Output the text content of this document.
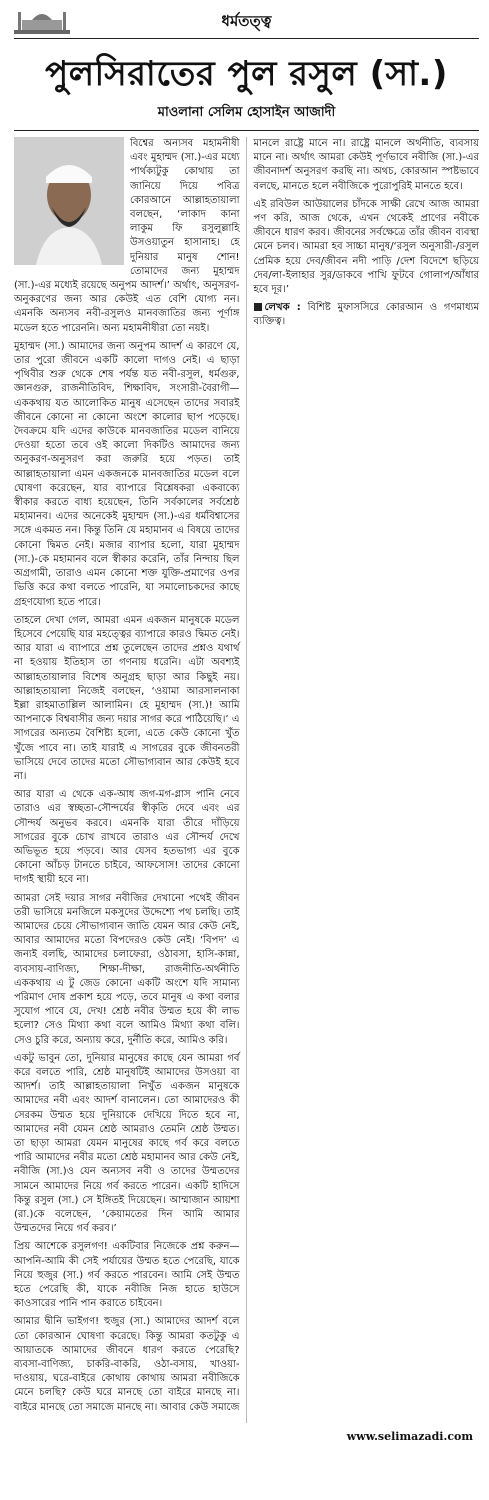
ধর্মতত্ত্ব
পুলসিরাতের পুল রসুল (সা.)
মাওলানা সেলিম হোসাইন আজাদী

বিশ্বের অন্যসব মহামনীষী এবং মুহাম্মদ (সা.)-এর মধ্যে পার্থক্যটুকু কোথায় তা জানিয়ে দিয়ে পবিত্র কোরআনে আল্লাহতায়ালা বলছেন, ‘লাকাদ কানা লাকুম ফি রসুলুল্লাহি উসওয়াতুন হাসানাহ। হে দুনিয়ার মানুষ শোন! তোমাদের জন্য মুহাম্মদ (সা.)-এর মধ্যেই রয়েছে অনুপম আদর্শ।’ অর্থাৎ, অনুসরণ-অনুকরণের জন্য আর কেউই এত বেশি যোগ্য নন। এমনকি অন্যসব নবী-রসুলও মানবজাতির জন্য পূর্ণাঙ্গ মডেল হতে পারেননি। অন্য মহামনীষীরা তো নয়ই।

মুহাম্মদ (সা.) আমাদের জন্য অনুপম আদর্শ এ কারণে যে, তার পুরো জীবনে একটি কালো দাগও নেই। এ ছাড়া পৃথিবীর শুরু থেকে শেষ পর্যন্ত যত নবী-রসুল, ধর্মগুরু, জ্ঞানগুরু, রাজনীতিবিদ, শিক্ষাবিদ, সংসারী-বৈরাগী— এককথায় যত আলোকিত মানুষ এসেছেন তাদের সবারই জীবনে কোনো না কোনো অংশে কালোর ছাপ পড়েছে। দৈবক্রমে যদি এদের কাউকে মানবজাতির মডেল বানিয়ে দেওয়া হতো তবে ওই কালো দিকটিও আমাদের জন্য অনুকরণ-অনুসরণ করা জরুরি হয়ে পড়ত। তাই আল্লাহতায়ালা এমন একজনকে মানবজাতির মডেল বলে ঘোষণা করেছেন, যার ব্যাপারে বিশ্লেষকরা একবাক্যে স্বীকার করতে বাধ্য হয়েছেন, তিনি সর্বকালের সর্বশ্রেষ্ঠ মহামানব। এদের অনেকেই মুহাম্মদ (সা.)-এর ধর্মবিশ্বাসের সঙ্গে একমত নন। কিন্তু তিনি যে মহামানব এ বিষয়ে তাদের কোনো দ্বিমত নেই। মজার ব্যাপার হলো, যারা মুহাম্মদ (সা.)-কে মহামানব বলে স্বীকার করেনি, তাঁর নিন্দায় ছিল অগ্রগামী, তারাও এমন কোনো শক্ত যুক্তি-প্রমাণের ওপর ভিত্তি করে কথা বলতে পারেনি, যা সমালোচকদের কাছে গ্রহণযোগ্য হতে পারে।

তাহলে দেখা গেল, আমরা এমন একজন মানুষকে মডেল হিসেবে পেয়েছি যার মহত্ত্বের ব্যাপারে কারও দ্বিমত নেই। আর যারা এ ব্যাপারে প্রশ্ন তুলেছেন তাদের প্রশ্নও যথার্থ না হওয়ায় ইতিহাস তা গণনায় ধরেনি। এটা অবশ্যই আল্লাহতায়ালার বিশেষ অনুগ্রহ ছাড়া আর কিছুই নয়। আল্লাহতায়ালা নিজেই বলছেন, ‘ওয়ামা আরসালনাকা ইল্লা রাহমাতাল্লিল আলামিন। হে মুহাম্মদ (সা.)! আমি আপনাকে বিশ্ববাসীর জন্য দয়ার সাগর করে পাঠিয়েছি।’ এ সাগরের অন্যতম বৈশিষ্ট্য হলো, এতে কেউ কোনো খুঁত খুঁজে পাবে না। তাই যারাই এ সাগরের বুকে জীবনতরী ভাসিয়ে দেবে তাদের মতো সৌভাগ্যবান আর কেউই হবে না।

আর যারা এ থেকে এক-আধ জগ-মগ-গ্লাস পানি নেবে তারাও এর স্বচ্ছতা-সৌন্দর্যের স্বীকৃতি দেবে এবং এর সৌন্দর্য অনুভব করবে। এমনকি যারা তীরে দাঁড়িয়ে সাগরের বুকে চোখ রাখবে তারাও এর সৌন্দর্য দেখে অভিভূত হয়ে পড়বে। আর যেসব হতভাগ্য এর বুকে কোনো আঁচড় টানতে চাইবে, আফসোস! তাদের কোনো দাগই স্থায়ী হবে না।

আমরা সেই দয়ার সাগর নবীজির দেখানো পথেই জীবন তরী ভাসিয়ে মনজিলে মকসুদের উদ্দেশ্যে পথ চলছি। তাই আমাদের চেয়ে সৌভাগ্যবান জাতি যেমন আর কেউ নেই, আবার আমাদের মতো বিপদেরও কেউ নেই। ‘বিপদ’ এ জন্যই বলছি, আমাদের চলাফেরা, ওঠাবসা, হাসি-কান্না, ব্যবসায়-বাণিজ্য, শিক্ষা-দীক্ষা, রাজনীতি-অর্থনীতি এককথায় এ টু জেড কোনো একটি অংশে যদি সামান্য পরিমাণ দোষ প্রকাশ হয়ে পড়ে, তবে মানুষ এ কথা বলার সুযোগ পাবে যে, দেখ! শ্রেষ্ঠ নবীর উম্মত হয়ে কী লাভ হলো? সেও মিথ্যা কথা বলে আমিও মিথ্যা কথা বলি। সেও চুরি করে, অন্যায় করে, দুর্নীতি করে, আমিও করি।

একটু ভাবুন তো, দুনিয়ার মানুষের কাছে যেন আমরা গর্ব করে বলতে পারি, শ্রেষ্ঠ মানুষটিই আমাদের উসওয়া বা আদর্শ। তাই আল্লাহতায়ালা নিখুঁত একজন মানুষকে আমাদের নবী এবং আদর্শ বানালেন। তো আমাদেরও কী সেরকম উম্মত হয়ে দুনিয়াকে দেখিয়ে দিতে হবে না, আমাদের নবী যেমন শ্রেষ্ঠ আমরাও তেমনি শ্রেষ্ঠ উম্মত। তা ছাড়া আমরা যেমন মানুষের কাছে গর্ব করে বলতে পারি আমাদের নবীর মতো শ্রেষ্ঠ মহামানব আর কেউ নেই, নবীজি (সা.)ও যেন অন্যসব নবী ও তাদের উম্মতদের সামনে আমাদের নিয়ে গর্ব করতে পারেন। একটি হাদিসে কিন্তু রসুল (সা.) সে ইঙ্গিতই দিয়েছেন। আম্মাজান আয়শা (রা.)কে বলেছেন, ‘কেয়ামতের দিন আমি আমার উম্মতদের নিয়ে গর্ব করব।’

প্রিয় আশেকে রসুলগণ! একটিবার নিজেকে প্রশ্ন করুন— আপনি-আমি কী সেই পর্যায়ের উম্মত হতে পেরেছি, যাকে নিয়ে হুজুর (সা.) গর্ব করতে পারবেন। আমি সেই উম্মত হতে পেরেছি কী, যাকে নবীজি নিজ হাতে হাউসে কাওসারের পানি পান করাতে চাইবেন।

আমার দ্বীনি ভাইগণ! হুজুর (সা.) আমাদের আদর্শ বলে তো কোরআন ঘোষণা করেছে। কিন্তু আমরা কতটুকু এ আয়াতকে আমাদের জীবনে ধারণ করতে পেরেছি? ব্যবসা-বাণিজ্য, চাকরি-বাকরি, ওঠা-বসায়, খাওয়া-দাওয়ায়, ঘরে-বাইরে কোথায় কোথায় আমরা নবীজিকে মেনে চলছি? কেউ ঘরে মানছে তো বাইরে মানছে না। বাইরে মানছে তো সমাজে মানছে না। আবার কেউ সমাজে মানলে রাষ্ট্রে মানে না। রাষ্ট্রে মানলে অর্থনীতি, ব্যবসায় মানে না। অর্থাৎ আমরা কেউই পূর্ণভাবে নবীজি (সা.)-এর জীবনাদর্শ অনুসরণ করছি না। অথচ, কোরআন স্পষ্টভাবে বলছে, মানতে হলে নবীজিকে পুরোপুরিই মানতে হবে।

এই রবিউল আউয়ালের চাঁদকে সাক্ষী রেখে আজ আমরা পণ করি, আজ থেকে, এখন থেকেই প্রাণের নবীকে জীবনে ধারণ করব। জীবনের সর্বক্ষেত্রে তাঁর জীবন ব্যবস্থা মেনে চলব। আমরা হব সাচ্চা মানুষ/‘রসুল অনুসারী-/রসুল প্রেমিক হয়ে দেব/জীবন নদী পাড়ি /দেশ বিদেশে ছড়িয়ে দেব/লা-ইলাহার সুর/ডাকবে পাখি ফুটবে গোলাপ/আঁধার হবে দূর।’

লেখক : বিশিষ্ট মুফাসসিরে কোরআন ও গণমাধ্যম ব্যক্তিত্ব।

www.selimazadi.com
